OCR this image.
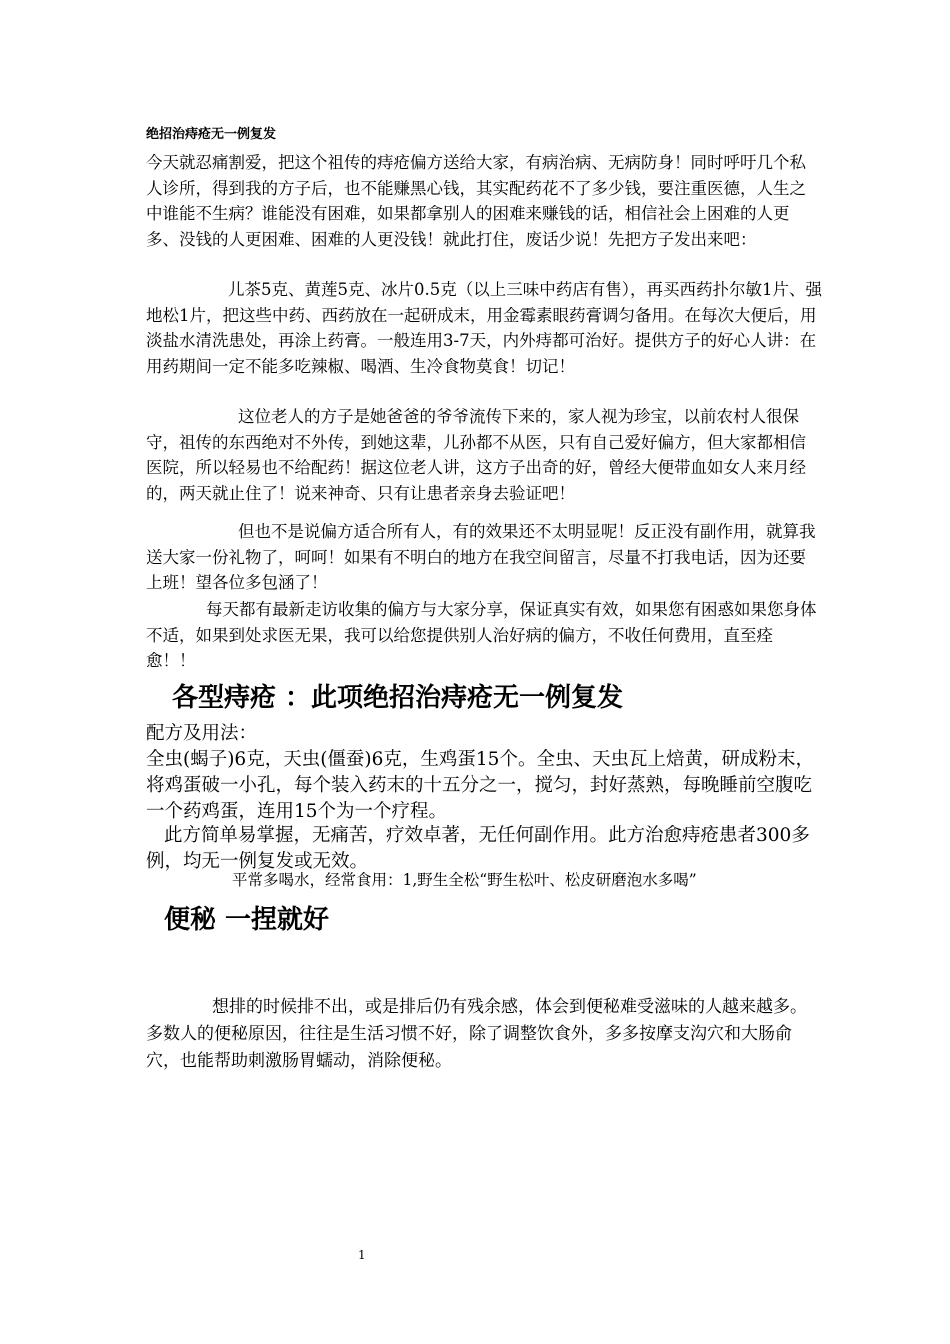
绝招治痔疮无一例复发

今天就忍痛割爱，把这个祖传的痔疮偏方送给大家，有病治病、无病防身！同时呼吁几个私人诊所，得到我的方子后，也不能赚黑心钱，其实配药花不了多少钱，要注重医德，人生之中谁能不生病？谁能没有困难，如果都拿别人的困难来赚钱的话，相信社会上困难的人更多、没钱的人更困难、困难的人更没钱！就此打住，废话少说！先把方子发出来吧：

儿茶5克、黄莲5克、冰片0.5克（以上三味中药店有售），再买西药扑尔敏1片、强地松1片，把这些中药、西药放在一起研成末，用金霉素眼药膏调匀备用。在每次大便后，用淡盐水清洗患处，再涂上药膏。一般连用3-7天，内外痔都可治好。提供方子的好心人讲：在用药期间一定不能多吃辣椒、喝酒、生冷食物莫食！切记！

这位老人的方子是她爸爸的爷爷流传下来的，家人视为珍宝，以前农村人很保守，祖传的东西绝对不外传，到她这辈，儿孙都不从医，只有自己爱好偏方，但大家都相信医院，所以轻易也不给配药！据这位老人讲，这方子出奇的好，曾经大便带血如女人来月经的，两天就止住了！说来神奇、只有让患者亲身去验证吧！

但也不是说偏方适合所有人，有的效果还不太明显呢！反正没有副作用，就算我送大家一份礼物了，呵呵！如果有不明白的地方在我空间留言，尽量不打我电话，因为还要上班！望各位多包涵了！

每天都有最新走访收集的偏方与大家分享，保证真实有效，如果您有困惑如果您身体不适，如果到处求医无果，我可以给您提供别人治好病的偏方，不收任何费用，直至痊愈！！

各型痔疮 ：此项绝招治痔疮无一例复发

配方及用法：

全虫(蝎子)6克，天虫(僵蚕)6克，生鸡蛋15个。全虫、天虫瓦上焙黄，研成粉末，将鸡蛋破一小孔，每个装入药末的十五分之一，搅匀，封好蒸熟，每晚睡前空腹吃一个药鸡蛋，连用15个为一个疗程。

此方简单易掌握，无痛苦，疗效卓著，无任何副作用。此方治愈痔疮患者300多例，均无一例复发或无效。

平常多喝水，经常食用：1,野生全松“野生松叶、松皮研磨泡水多喝”

便秘 一捏就好

想排的时候排不出，或是排后仍有残余感，体会到便秘难受滋味的人越来越多。多数人的便秘原因，往往是生活习惯不好，除了调整饮食外，多多按摩支沟穴和大肠俞穴，也能帮助刺激肠胃蠕动，消除便秘。

1
